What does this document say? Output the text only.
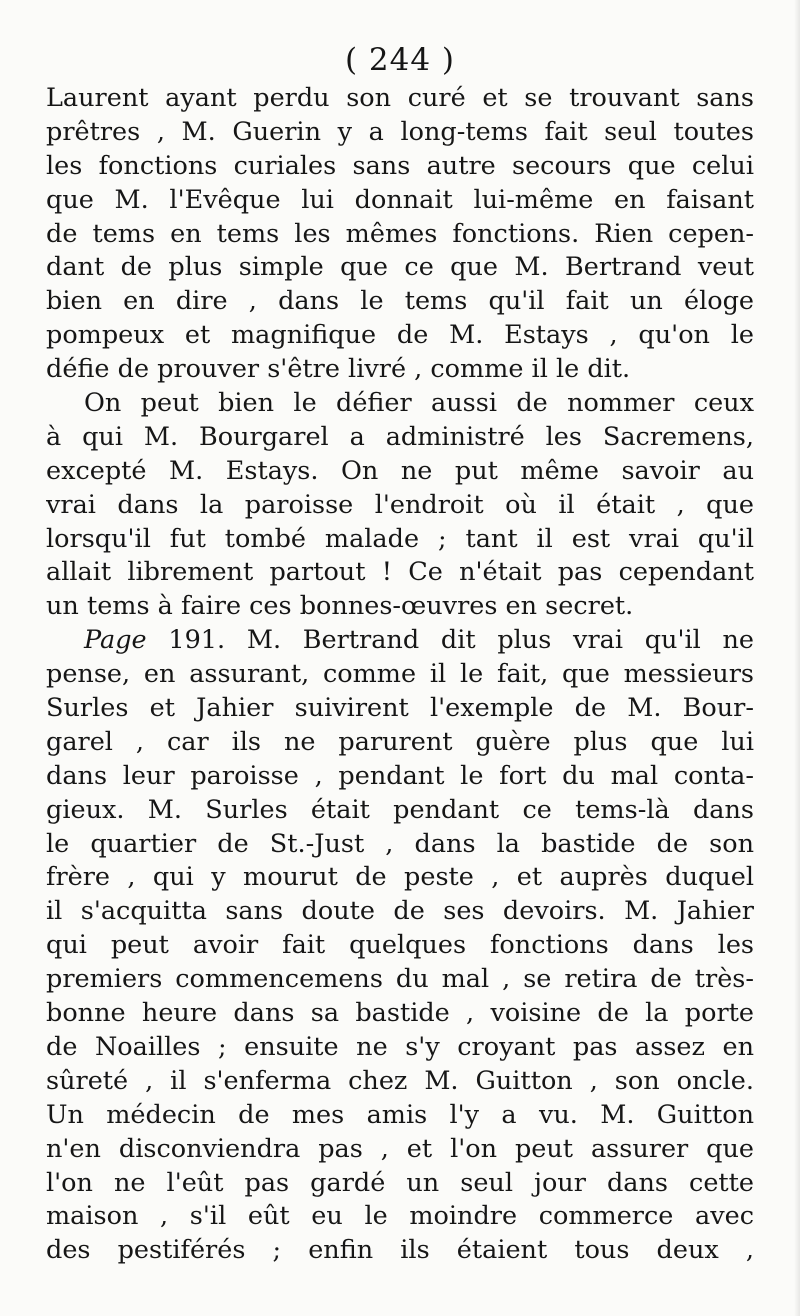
( 244 )
Laurent ayant perdu son curé et se trouvant sans
prêtres , M. Guerin y a long-tems fait seul toutes
les fonctions curiales sans autre secours que celui
que M. l'Evêque lui donnait lui-même en faisant
de tems en tems les mêmes fonctions. Rien cepen-
dant de plus simple que ce que M. Bertrand veut
bien en dire , dans le tems qu'il fait un éloge
pompeux et magnifique de M. Estays , qu'on le
défie de prouver s'être livré , comme il le dit.
On peut bien le défier aussi de nommer ceux
à qui M. Bourgarel a administré les Sacremens,
excepté M. Estays. On ne put même savoir au
vrai dans la paroisse l'endroit où il était , que
lorsqu'il fut tombé malade ; tant il est vrai qu'il
allait librement partout ! Ce n'était pas cependant
un tems à faire ces bonnes-œuvres en secret.
Page 191. M. Bertrand dit plus vrai qu'il ne
pense, en assurant, comme il le fait, que messieurs
Surles et Jahier suivirent l'exemple de M. Bour-
garel , car ils ne parurent guère plus que lui
dans leur paroisse , pendant le fort du mal conta-
gieux. M. Surles était pendant ce tems-là dans
le quartier de St.-Just , dans la bastide de son
frère , qui y mourut de peste , et auprès duquel
il s'acquitta sans doute de ses devoirs. M. Jahier
qui peut avoir fait quelques fonctions dans les
premiers commencemens du mal , se retira de très-
bonne heure dans sa bastide , voisine de la porte
de Noailles ; ensuite ne s'y croyant pas assez en
sûreté , il s'enferma chez M. Guitton , son oncle.
Un médecin de mes amis l'y a vu. M. Guitton
n'en disconviendra pas , et l'on peut assurer que
l'on ne l'eût pas gardé un seul jour dans cette
maison , s'il eût eu le moindre commerce avec
des pestiférés ; enfin ils étaient tous deux ,
